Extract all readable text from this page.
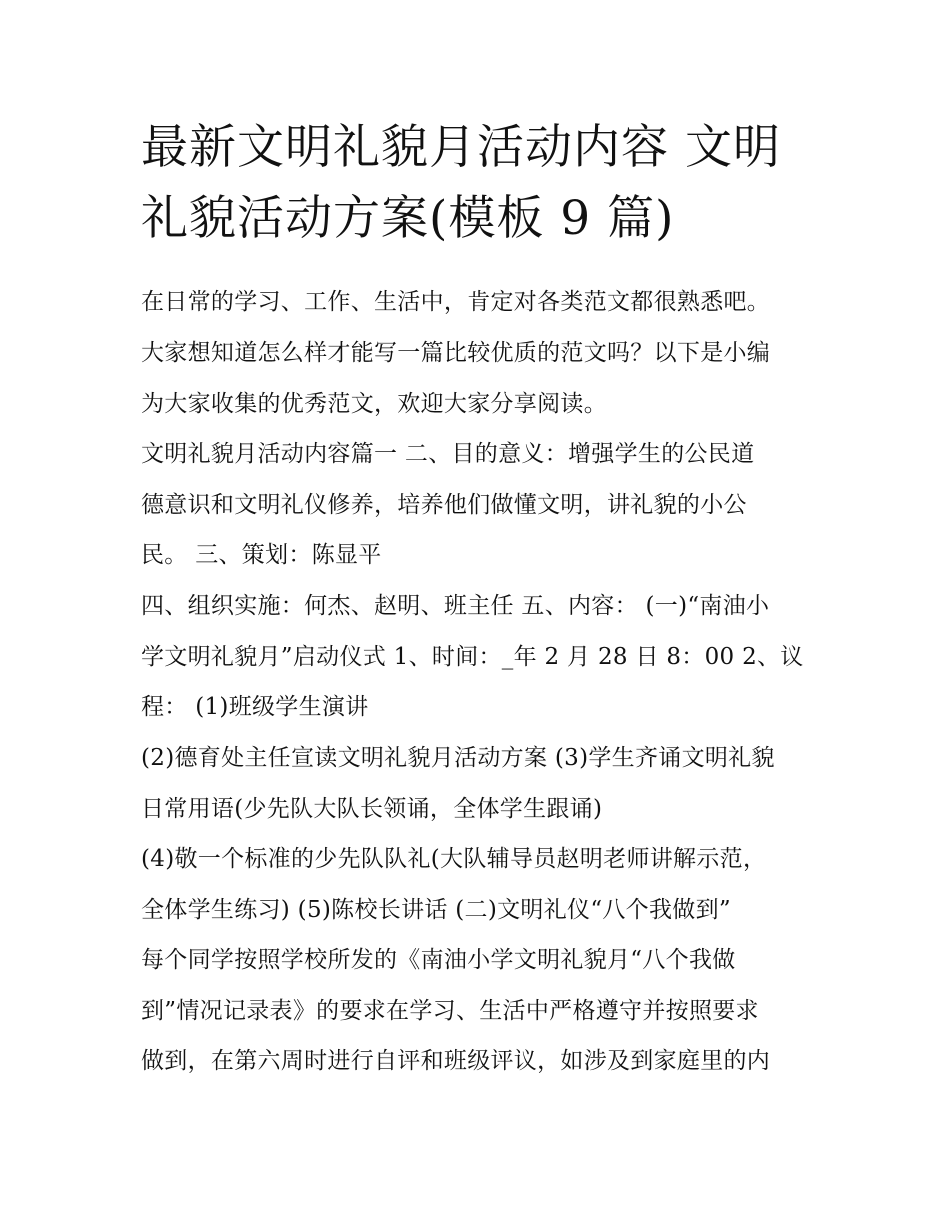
最新文明礼貌月活动内容 文明
礼貌活动方案(模板 9 篇)

在日常的学习、工作、生活中，肯定对各类范文都很熟悉吧。

大家想知道怎么样才能写一篇比较优质的范文吗？以下是小编

为大家收集的优秀范文，欢迎大家分享阅读。

文明礼貌月活动内容篇一 二、目的意义：增强学生的公民道

德意识和文明礼仪修养，培养他们做懂文明，讲礼貌的小公

民。 三、策划：陈显平

四、组织实施：何杰、赵明、班主任 五、内容： (一)“南油小

学文明礼貌月”启动仪式 1、时间：_年 2 月 28 日 8：00 2、议

程： (1)班级学生演讲

(2)德育处主任宣读文明礼貌月活动方案 (3)学生齐诵文明礼貌

日常用语(少先队大队长领诵，全体学生跟诵)

(4)敬一个标准的少先队队礼(大队辅导员赵明老师讲解示范，

全体学生练习) (5)陈校长讲话 (二)文明礼仪“八个我做到”

每个同学按照学校所发的《南油小学文明礼貌月“八个我做

到”情况记录表》的要求在学习、生活中严格遵守并按照要求

做到，在第六周时进行自评和班级评议，如涉及到家庭里的内
